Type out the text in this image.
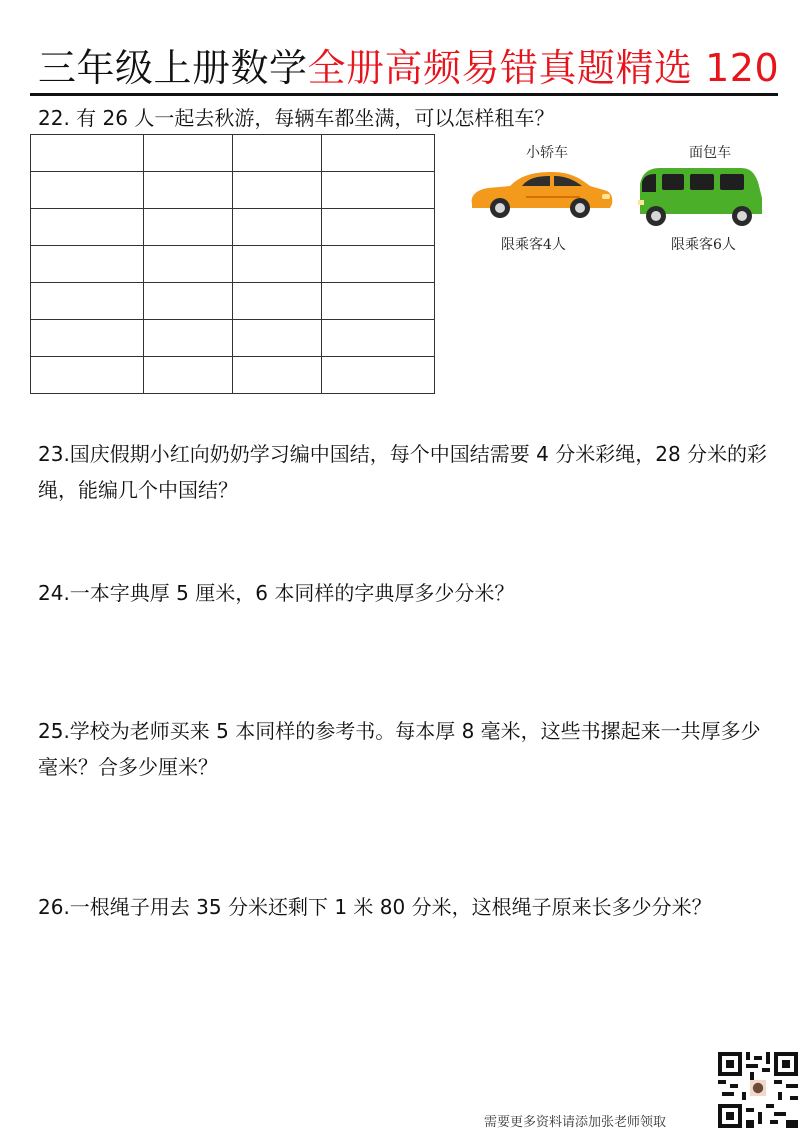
三年级上册数学全册高频易错真题精选 120
22. 有 26 人一起去秋游，每辆车都坐满，可以怎样租车？

小轿车	面包车
限乘客4人	限乘客6人
23.国庆假期小红向奶奶学习编中国结，每个中国结需要 4 分米彩绳，28 分米的彩绳，能编几个中国结？
24.一本字典厚 5 厘米，6 本同样的字典厚多少分米？
25.学校为老师买来 5 本同样的参考书。每本厚 8 毫米，这些书摞起来一共厚多少毫米？合多少厘米？
26.一根绳子用去 35 分米还剩下 1 米 80 分米，这根绳子原来长多少分米？
需要更多资料请添加张老师领取
